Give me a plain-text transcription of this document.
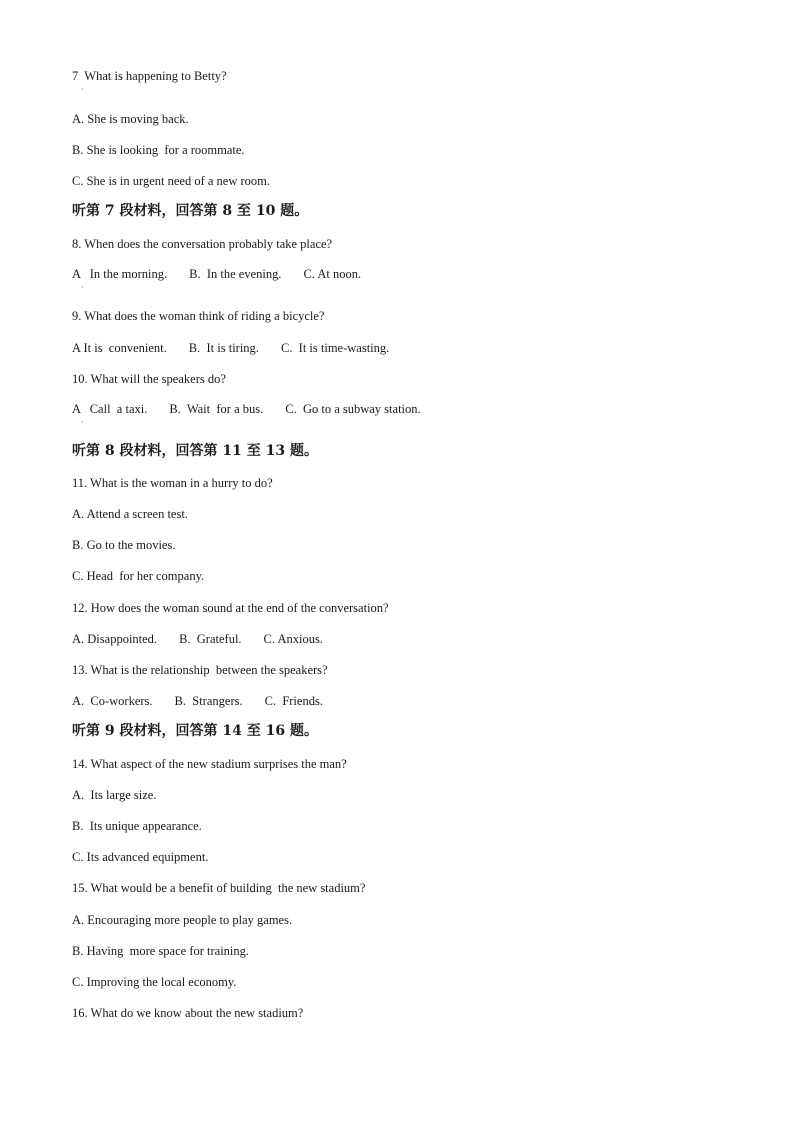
7  What is happening to Betty?
·
A. She is moving back.
B. She is looking  for a roommate.
C. She is in urgent need of a new room.
听第 7 段材料，回答第 8 至 10 题。
8. When does the conversation probably take place?
A   In the morning. B.  In the evening. C. At noon.
·
9. What does the woman think of riding a bicycle?
A It is  convenient. B.  It is tiring. C.  It is time-wasting.
10. What will the speakers do?
A   Call  a taxi. B.  Wait  for a bus. C.  Go to a subway station.
·
听第 8 段材料，回答第 11 至 13 题。
11. What is the woman in a hurry to do?
A. Attend a screen test.
B. Go to the movies.
C. Head  for her company.
12. How does the woman sound at the end of the conversation?
A. Disappointed. B.  Grateful. C. Anxious.
13. What is the relationship  between the speakers?
A.  Co-workers. B.  Strangers. C.  Friends.
听第 9 段材料，回答第 14 至 16 题。
14. What aspect of the new stadium surprises the man?
A.  Its large size.
B.  Its unique appearance.
C. Its advanced equipment.
15. What would be a benefit of building  the new stadium?
A. Encouraging more people to play games.
B. Having  more space for training.
C. Improving the local economy.
16. What do we know about the new stadium?
